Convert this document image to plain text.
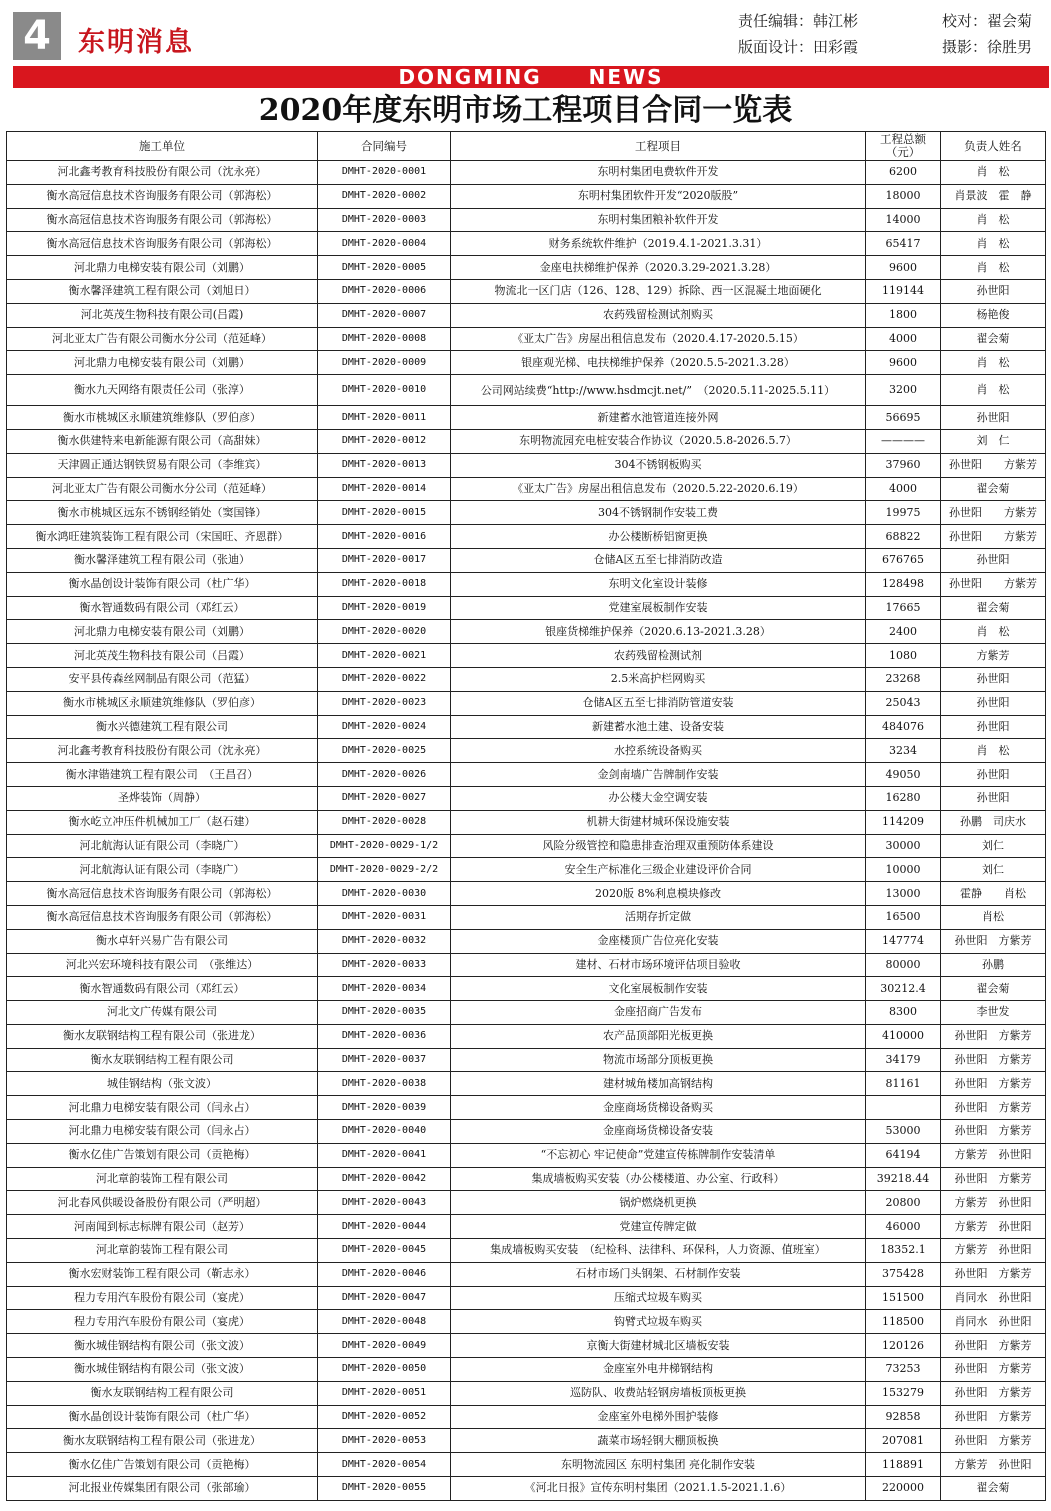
4	东明消息
责任编辑：韩江彬
版面设计：田彩霞
校对：翟会菊
摄影：徐胜男
DONGMING NEWS
2020年度东明市场工程项目合同一览表
施工单位	合同编号	工程项目	工程总额（元）	负责人姓名
河北鑫考教育科技股份有限公司（沈永亮）	DMHT-2020-0001	东明村集团电费软件开发	6200	肖　松
衡水高冠信息技术咨询服务有限公司（郭海松）	DMHT-2020-0002	东明村集团软件开发“2020版股”	18000	肖景波　霍　静
衡水高冠信息技术咨询服务有限公司（郭海松）	DMHT-2020-0003	东明村集团粮补软件开发	14000	肖　松
衡水高冠信息技术咨询服务有限公司（郭海松）	DMHT-2020-0004	财务系统软件维护（2019.4.1-2021.3.31）	65417	肖　松
河北鼎力电梯安装有限公司（刘鹏）	DMHT-2020-0005	金座电扶梯维护保养（2020.3.29-2021.3.28）	9600	肖　松
衡水馨泽建筑工程有限公司（刘旭日）	DMHT-2020-0006	物流北一区门店（126、128、129）拆除、西一区混凝土地面硬化	119144	孙世阳
河北英茂生物科技有限公司(吕霞)	DMHT-2020-0007	农药残留检测试剂购买	1800	杨艳俊
河北亚太广告有限公司衡水分公司（范延峰）	DMHT-2020-0008	《亚太广告》房屋出租信息发布（2020.4.17-2020.5.15）	4000	翟会菊
河北鼎力电梯安装有限公司（刘鹏）	DMHT-2020-0009	银座观光梯、电扶梯维护保养（2020.5.5-2021.3.28）	9600	肖　松
衡水九天网络有限责任公司（张淳）	DMHT-2020-0010	公司网站续费“http://www.hsdmcjt.net/”　（2020.5.11-2025.5.11）	3200	肖　松
衡水市桃城区永顺建筑维修队（罗伯彦）	DMHT-2020-0011	新建蓄水池管道连接外网	56695	孙世阳
衡水供建特来电新能源有限公司（高甜妹）	DMHT-2020-0012	东明物流园充电桩安装合作协议（2020.5.8-2026.5.7）	————	刘　仁
天津圆正通达钢铁贸易有限公司（李维宾）	DMHT-2020-0013	304不锈钢板购买	37960	孙世阳　　方紫芳
河北亚太广告有限公司衡水分公司（范延峰）	DMHT-2020-0014	《亚太广告》房屋出租信息发布（2020.5.22-2020.6.19）	4000	翟会菊
衡水市桃城区远东不锈钢经销处（窦国锋）	DMHT-2020-0015	304不锈钢制作安装工费	19975	孙世阳　　方紫芳
衡水鸿旺建筑装饰工程有限公司（宋国旺、齐恩群）	DMHT-2020-0016	办公楼断桥铝窗更换	68822	孙世阳　　方紫芳
衡水馨泽建筑工程有限公司（张迪）	DMHT-2020-0017	仓储A区五至七排消防改造	676765	孙世阳
衡水晶创设计装饰有限公司（杜广华）	DMHT-2020-0018	东明文化室设计装修	128498	孙世阳　　方紫芳
衡水智通数码有限公司（邓红云）	DMHT-2020-0019	党建室展板制作安装	17665	翟会菊
河北鼎力电梯安装有限公司（刘鹏）	DMHT-2020-0020	银座货梯维护保养（2020.6.13-2021.3.28）	2400	肖　松
河北英茂生物科技有限公司（吕霞）	DMHT-2020-0021	农药残留检测试剂	1080	方紫芳
安平县传森丝网制品有限公司（范猛）	DMHT-2020-0022	2.5米高护栏网购买	23268	孙世阳
衡水市桃城区永顺建筑维修队（罗伯彦）	DMHT-2020-0023	仓储A区五至七排消防管道安装	25043	孙世阳
衡水兴德建筑工程有限公司	DMHT-2020-0024	新建蓄水池土建、设备安装	484076	孙世阳
河北鑫考教育科技股份有限公司（沈永亮）	DMHT-2020-0025	水控系统设备购买	3234	肖　松
衡水津锴建筑工程有限公司　（王昌召）	DMHT-2020-0026	金剑南墙广告牌制作安装	49050	孙世阳
圣烨装饰（周静）	DMHT-2020-0027	办公楼大金空调安装	16280	孙世阳
衡水屹立冲压件机械加工厂（赵石建）	DMHT-2020-0028	机耕大街建材城环保设施安装	114209	孙鹏　司庆水
河北航海认证有限公司（李晓广）	DMHT-2020-0029-1/2	风险分级管控和隐患排查治理双重预防体系建设	30000	刘仁
河北航海认证有限公司（李晓广）	DMHT-2020-0029-2/2	安全生产标准化三级企业建设评价合同	10000	刘仁
衡水高冠信息技术咨询服务有限公司（郭海松）	DMHT-2020-0030	2020版 8%利息模块修改	13000	霍静　　肖松
衡水高冠信息技术咨询服务有限公司（郭海松）	DMHT-2020-0031	活期存折定做	16500	肖松
衡水卓轩兴易广告有限公司	DMHT-2020-0032	金座楼顶广告位亮化安装	147774	孙世阳　方紫芳
河北兴宏环境科技有限公司　（张维达）	DMHT-2020-0033	建材、石材市场环境评估项目验收	80000	孙鹏
衡水智通数码有限公司（邓红云）	DMHT-2020-0034	文化室展板制作安装	30212.4	翟会菊
河北文广传媒有限公司	DMHT-2020-0035	金座招商广告发布	8300	李世发
衡水友联钢结构工程有限公司（张进龙）	DMHT-2020-0036	农产品顶部阳光板更换	410000	孙世阳　方紫芳
衡水友联钢结构工程有限公司	DMHT-2020-0037	物流市场部分顶板更换	34179	孙世阳　方紫芳
城佳钢结构（张文波）	DMHT-2020-0038	建材城角楼加高钢结构	81161	孙世阳　方紫芳
河北鼎力电梯安装有限公司（闫永占）	DMHT-2020-0039	金座商场货梯设备购买		孙世阳　方紫芳
河北鼎力电梯安装有限公司（闫永占）	DMHT-2020-0040	金座商场货梯设备安装	53000	孙世阳　方紫芳
衡水亿佳广告策划有限公司（贡艳梅）	DMHT-2020-0041	“不忘初心 牢记使命”党建宣传栋牌制作安装清单	64194	方紫芳　孙世阳
河北章韵装饰工程有限公司	DMHT-2020-0042	集成墙板购买安装（办公楼楼道、办公室、行政科）	39218.44	孙世阳　方紫芳
河北春风供暖设备股份有限公司（严明超）	DMHT-2020-0043	锅炉燃烧机更换	20800	方紫芳　孙世阳
河南闻到标志标牌有限公司（赵芳）	DMHT-2020-0044	党建宣传牌定做	46000	方紫芳　孙世阳
河北章韵装饰工程有限公司	DMHT-2020-0045	集成墙板购买安装　（纪检科、法律科、环保科，人力资源、值班室）	18352.1	方紫芳　孙世阳
衡水宏财装饰工程有限公司（靳志永）	DMHT-2020-0046	石材市场门头钢架、石材制作安装	375428	孙世阳　方紫芳
程力专用汽车股份有限公司（宴虎）	DMHT-2020-0047	压缩式垃圾车购买	151500	肖同水　孙世阳
程力专用汽车股份有限公司（宴虎）	DMHT-2020-0048	钩臂式垃圾车购买	118500	肖同水　孙世阳
衡水城佳钢结构有限公司（张文波）	DMHT-2020-0049	京衡大街建材城北区墙板安装	120126	孙世阳　方紫芳
衡水城佳钢结构有限公司（张文波）	DMHT-2020-0050	金座室外电井梯钢结构	73253	孙世阳　方紫芳
衡水友联钢结构工程有限公司	DMHT-2020-0051	巡防队、收费站轻钢房墙板顶板更换	153279	孙世阳　方紫芳
衡水晶创设计装饰有限公司（杜广华）	DMHT-2020-0052	金座室外电梯外围护装修	92858	孙世阳　方紫芳
衡水友联钢结构工程有限公司（张进龙）	DMHT-2020-0053	蔬菜市场轻钢大棚顶板换	207081	孙世阳　方紫芳
衡水亿佳广告策划有限公司（贡艳梅）	DMHT-2020-0054	东明物流园区 东明村集团 亮化制作安装	118891	方紫芳　孙世阳
河北报业传媒集团有限公司（张部瑜）	DMHT-2020-0055	《河北日报》宣传东明村集团（2021.1.5-2021.1.6）	220000	翟会菊
